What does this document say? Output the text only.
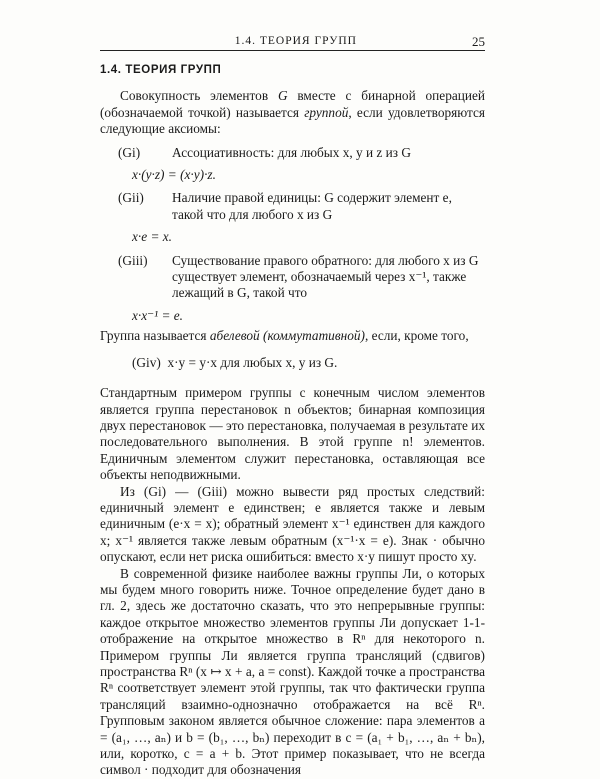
1.4. ТЕОРИЯ ГРУПП	25
1.4. ТЕОРИЯ ГРУПП

Совокупность элементов G вместе с бинарной операцией (обозначаемой точкой) называется группой, если удовлетворяются следующие аксиомы:

(Gi)	Ассоциативность: для любых x, y и z из G
x·(y·z) = (x·y)·z.
(Gii)	Наличие правой единицы: G содержит элемент e, такой что для любого x из G
x·e = x.
(Giii)	Существование правого обратного: для любого x из G существует элемент, обозначаемый через x⁻¹, также лежащий в G, такой что
x·x⁻¹ = e.

Группа называется абелевой (коммутативной), если, кроме того,

(Giv) x·y = y·x для любых x, y из G.

Стандартным примером группы с конечным числом элементов является группа перестановок n объектов; бинарная композиция двух перестановок — это перестановка, получаемая в результате их последовательного выполнения. В этой группе n! элементов. Единичным элементом служит перестановка, оставляющая все объекты неподвижными.

Из (Gi) — (Giii) можно вывести ряд простых следствий: единичный элемент e единствен; e является также и левым единичным (e·x = x); обратный элемент x⁻¹ единствен для каждого x; x⁻¹ является также левым обратным (x⁻¹·x = e). Знак · обычно опускают, если нет риска ошибиться: вместо x·y пишут просто xy.

В современной физике наиболее важны группы Ли, о которых мы будем много говорить ниже. Точное определение будет дано в гл. 2, здесь же достаточно сказать, что это непрерывные группы: каждое открытое множество элементов группы Ли допускает 1-1-отображение на открытое множество в Rⁿ для некоторого n. Примером группы Ли является группа трансляций (сдвигов) пространства Rⁿ (x ↦ x + a, a = const). Каждой точке a пространства Rⁿ соответствует элемент этой группы, так что фактически группа трансляций взаимно-однозначно отображается на всё Rⁿ. Групповым законом является обычное сложение: пара элементов a = (a₁, …, aₙ) и b = (b₁, …, bₙ) переходит в c = (a₁ + b₁, …, aₙ + bₙ), или, коротко, c = a + b. Этот пример показывает, что не всегда символ · подходит для обозначения
